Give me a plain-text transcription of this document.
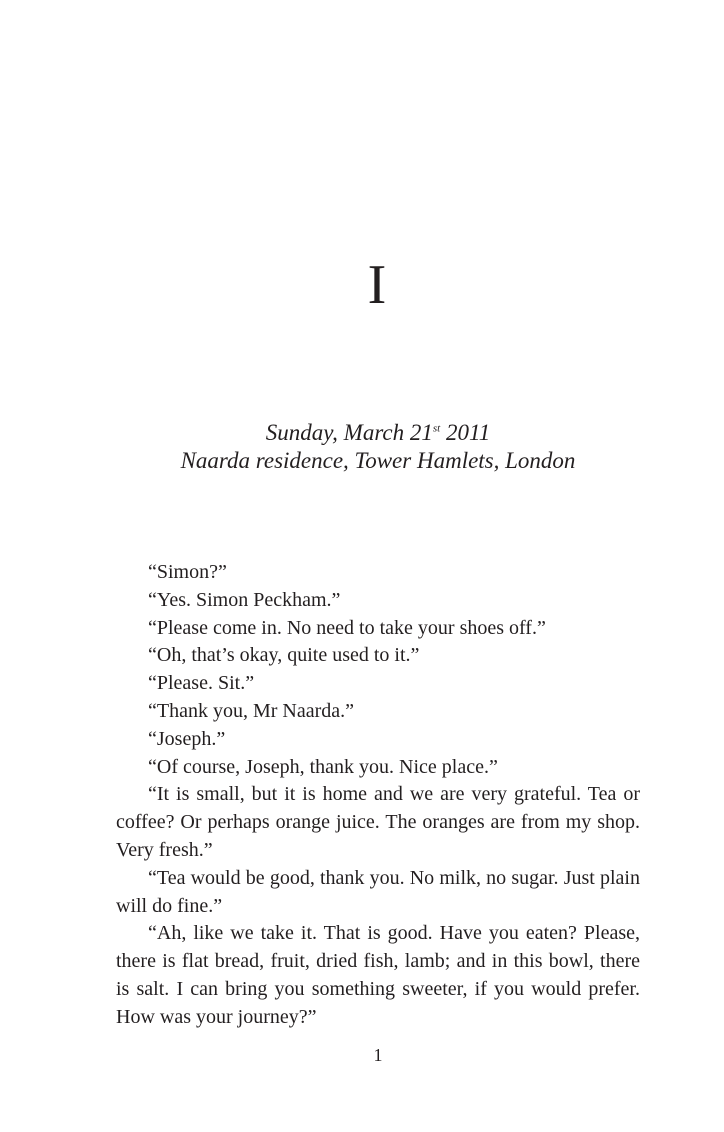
I
Sunday, March 21st 2011
Naarda residence, Tower Hamlets, London

“Simon?”

“Yes. Simon Peckham.”

“Please come in. No need to take your shoes off.”

“Oh, that’s okay, quite used to it.”

“Please. Sit.”

“Thank you, Mr Naarda.”

“Joseph.”

“Of course, Joseph, thank you. Nice place.”

“It is small, but it is home and we are very grateful. Tea or coffee? Or perhaps orange juice. The oranges are from my shop. Very fresh.”

“Tea would be good, thank you. No milk, no sugar. Just plain will do fine.”

“Ah, like we take it. That is good. Have you eaten? Please, there is flat bread, fruit, dried fish, lamb; and in this bowl, there is salt. I can bring you something sweeter, if you would prefer. How was your journey?”

1
